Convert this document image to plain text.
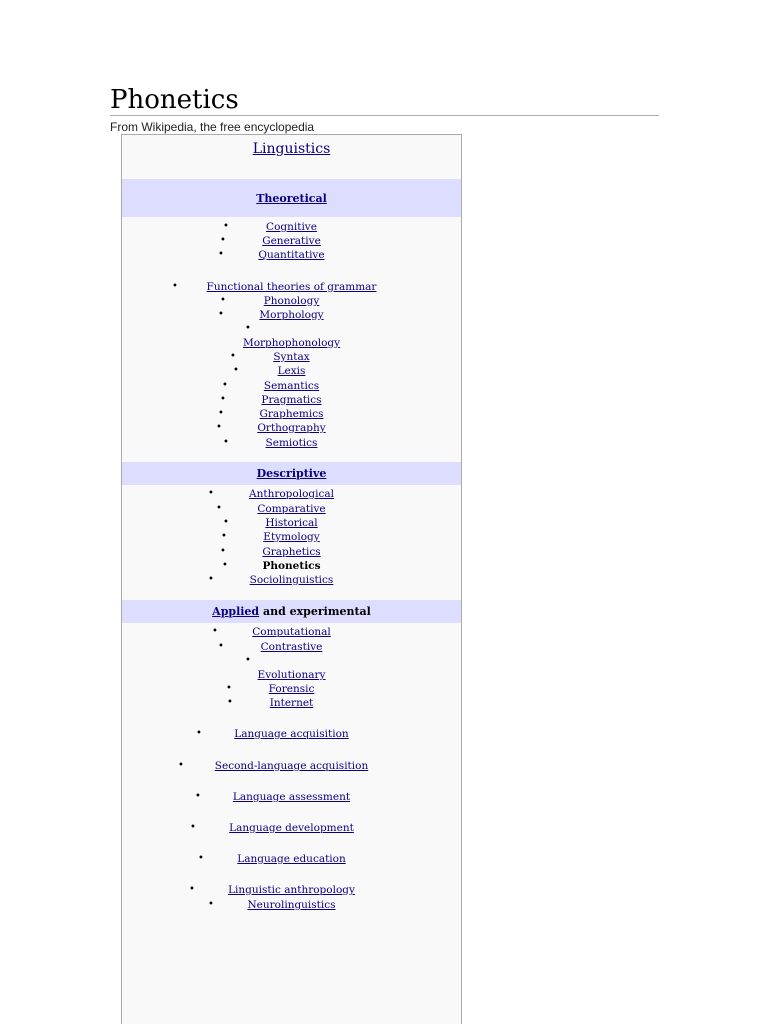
Phonetics
From Wikipedia, the free encyclopedia
Linguistics
Theoretical
Descriptive
Applied and experimental
•	Cognitive
•	Generative
•	Quantitative
•	Functional theories of grammar
•	Phonology
•	Morphology
•
Morphophonology
•	Syntax
•	Lexis
•	Semantics
•	Pragmatics
•	Graphemics
•	Orthography
•	Semiotics
•	Anthropological
•	Comparative
•	Historical
•	Etymology
•	Graphetics
•	Phonetics
•	Sociolinguistics
•	Computational
•	Contrastive
•
Evolutionary
•	Forensic
•	Internet
•	Language acquisition
•	Second-language acquisition
•	Language assessment
•	Language development
•	Language education
•	Linguistic anthropology
•	Neurolinguistics
